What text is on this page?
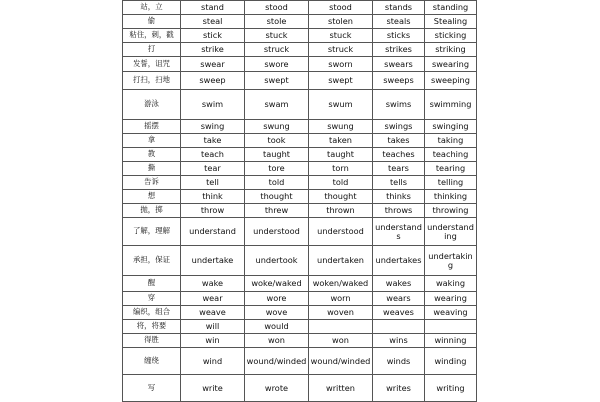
站，立	stand	stood	stood	stands	standing
偷	steal	stole	stolen	steals	Stealing
粘住，刺，戳	stick	stuck	stuck	sticks	sticking
打	strike	struck	struck	strikes	striking
发誓，诅咒	swear	swore	sworn	swears	swearing
打扫，扫地	sweep	swept	swept	sweeps	sweeping
游泳	swim	swam	swum	swims	swimming
摇摆	swing	swung	swung	swings	swinging
拿	take	took	taken	takes	taking
教	teach	taught	taught	teaches	teaching
撕	tear	tore	torn	tears	tearing
告诉	tell	told	told	tells	telling
想	think	thought	thought	thinks	thinking
抛，掷	throw	threw	thrown	throws	throwing
了解，理解	understand	understood	understood	understands	understanding
承担，保证	undertake	undertook	undertaken	undertakes	undertaking
醒	wake	woke/waked	woken/waked	wakes	waking
穿	wear	wore	worn	wears	wearing
编织，组合	weave	wove	woven	weaves	weaving
将，将要	will	would			
得胜	win	won	won	wins	winning
缠绕	wind	wound/winded	wound/winded	winds	winding
写	write	wrote	written	writes	writing
